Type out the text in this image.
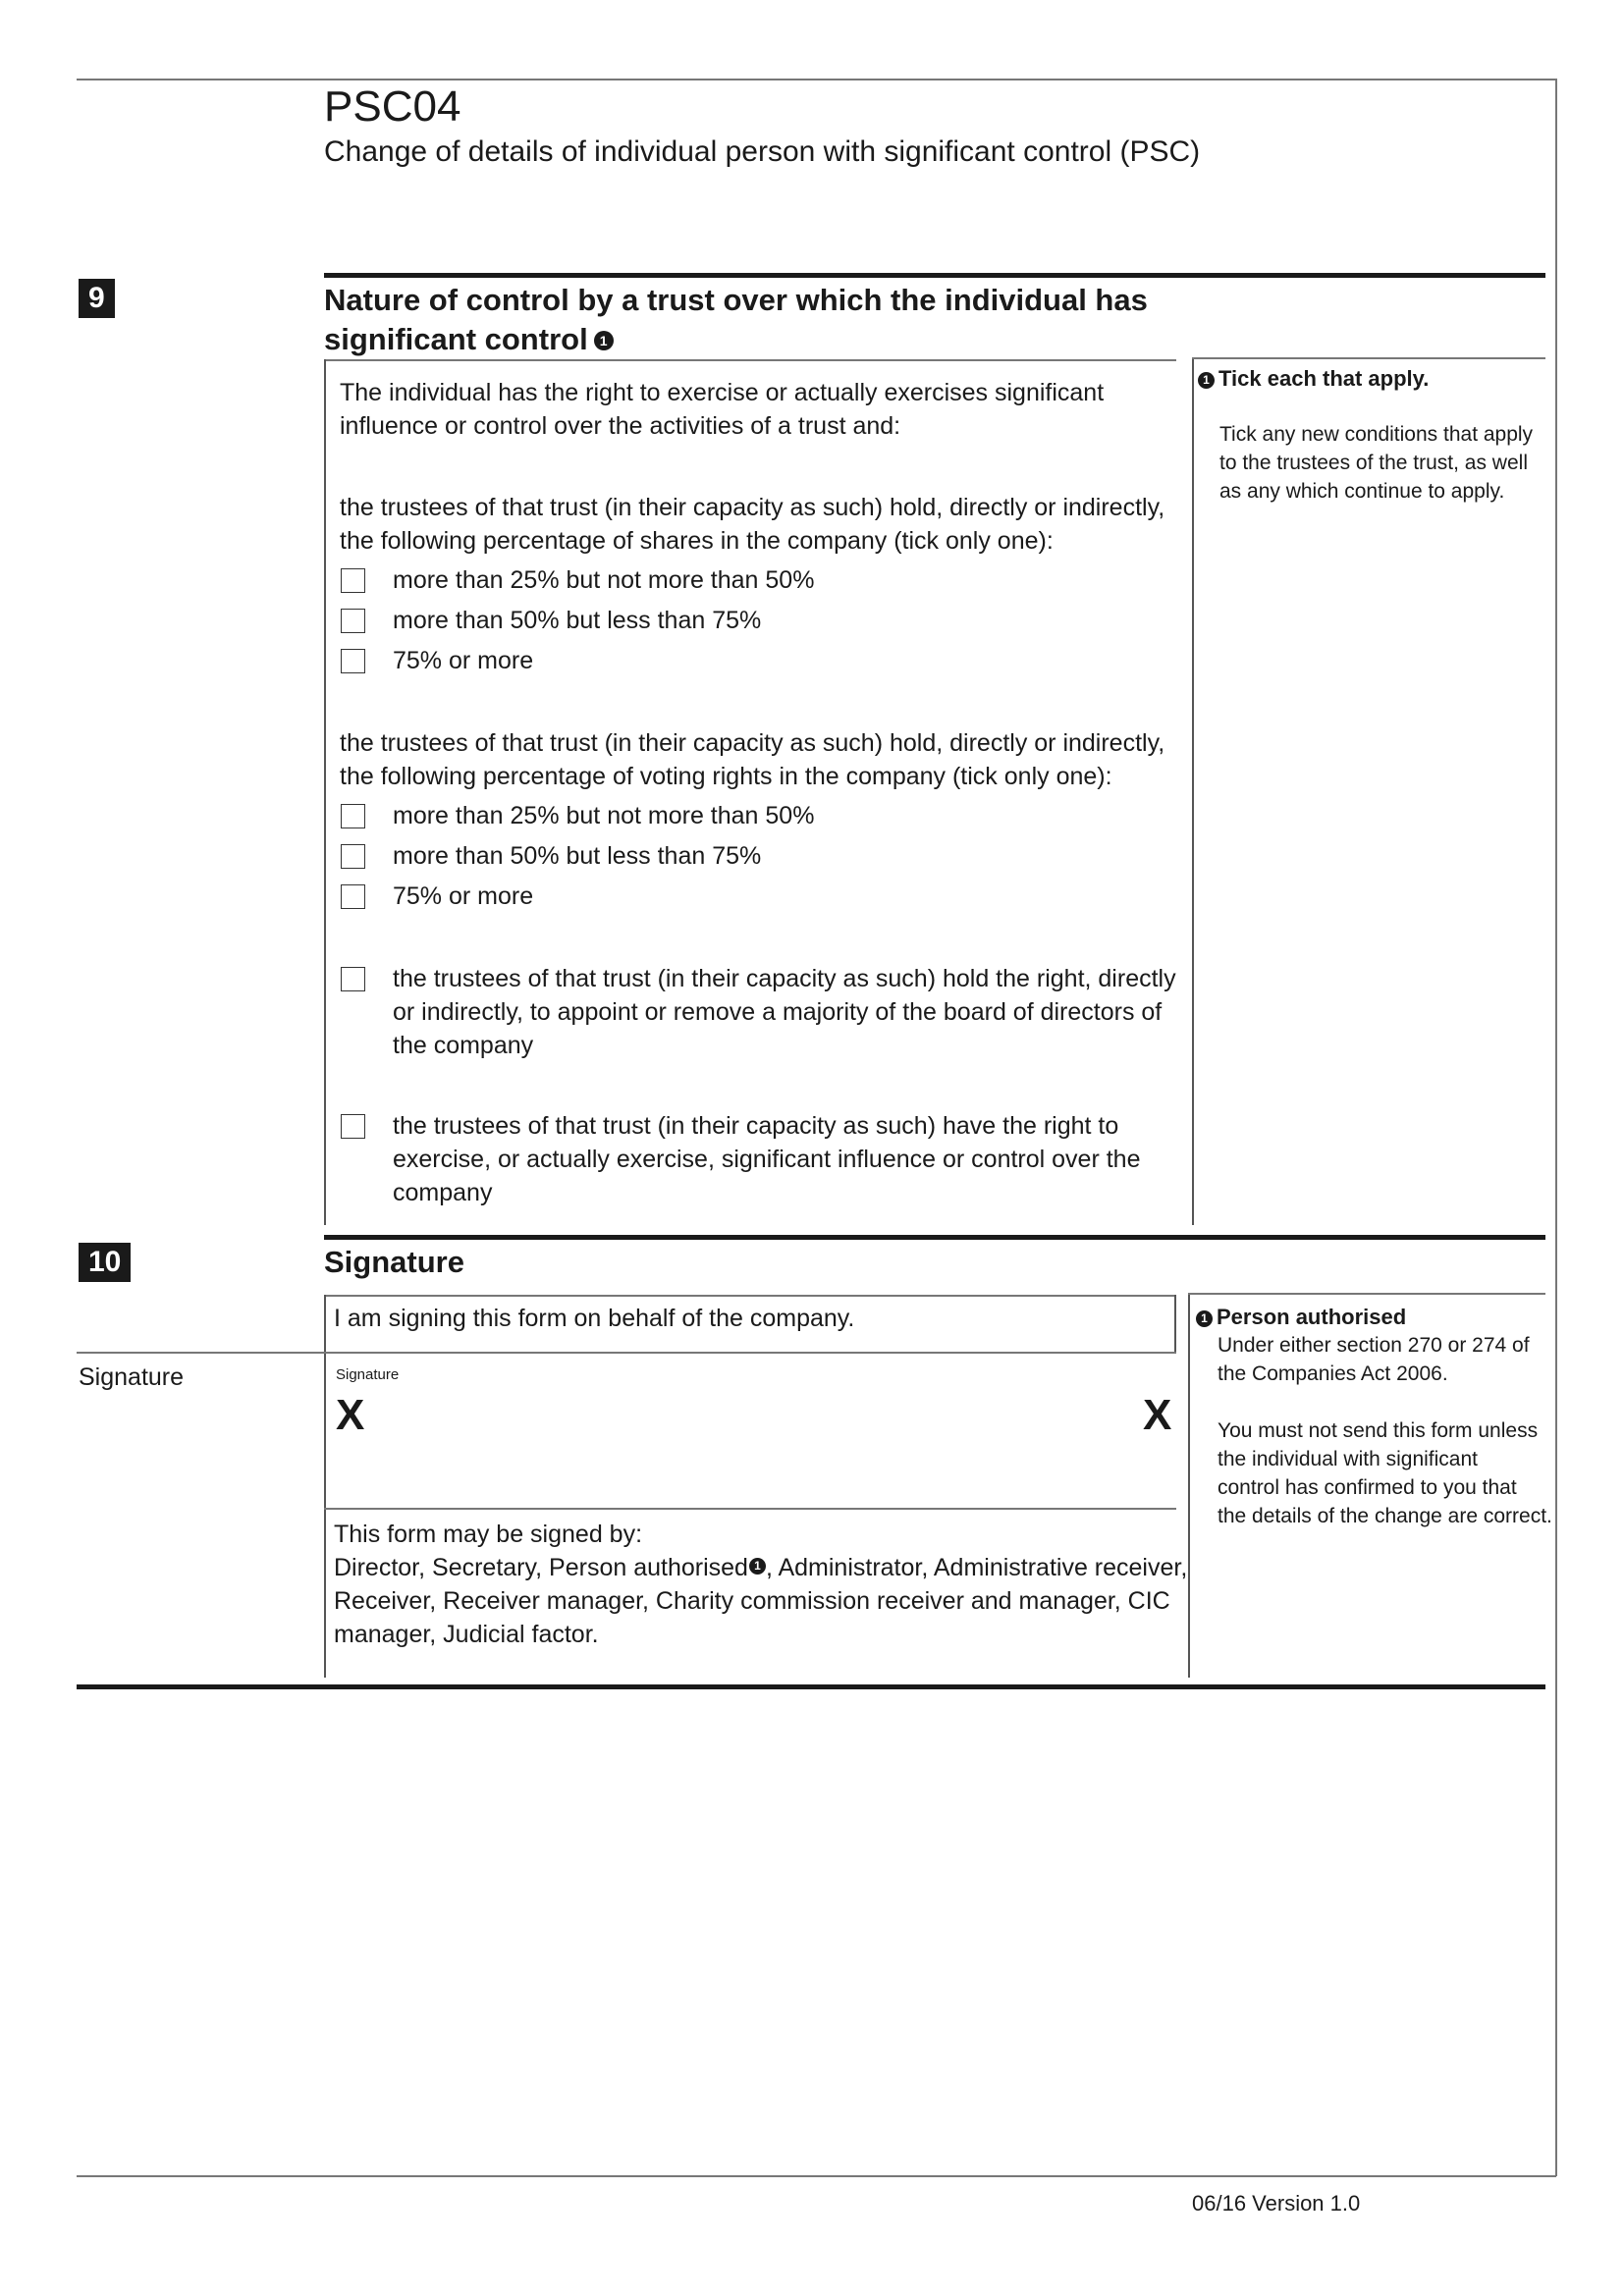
PSC04
Change of details of individual person with significant control (PSC)
9	Nature of control by a trust over which the individual has
significant control 1
The individual has the right to exercise or actually exercises significant
influence or control over the activities of a trust and:
the trustees of that trust (in their capacity as such) hold, directly or indirectly,
the following percentage of shares in the company (tick only one):
more than 25% but not more than 50%
more than 50% but less than 75%
75% or more
the trustees of that trust (in their capacity as such) hold, directly or indirectly,
the following percentage of voting rights in the company (tick only one):
more than 25% but not more than 50%
more than 50% but less than 75%
75% or more
the trustees of that trust (in their capacity as such) hold the right, directly
or indirectly, to appoint or remove a majority of the board of directors of
the company
the trustees of that trust (in their capacity as such) have the right to
exercise, or actually exercise, significant influence or control over the
company
1 Tick each that apply.
Tick any new conditions that apply
to the trustees of the trust, as well
as any which continue to apply.
10	Signature
I am signing this form on behalf of the company.
Signature	Signature
X	X
This form may be signed by:
Director, Secretary, Person authorised 1 , Administrator, Administrative receiver,
Receiver, Receiver manager, Charity commission receiver and manager, CIC
manager, Judicial factor.
1 Person authorised
Under either section 270 or 274 of
the Companies Act 2006.
You must not send this form unless
the individual with significant
control has confirmed to you that
the details of the change are correct.
06/16 Version 1.0
